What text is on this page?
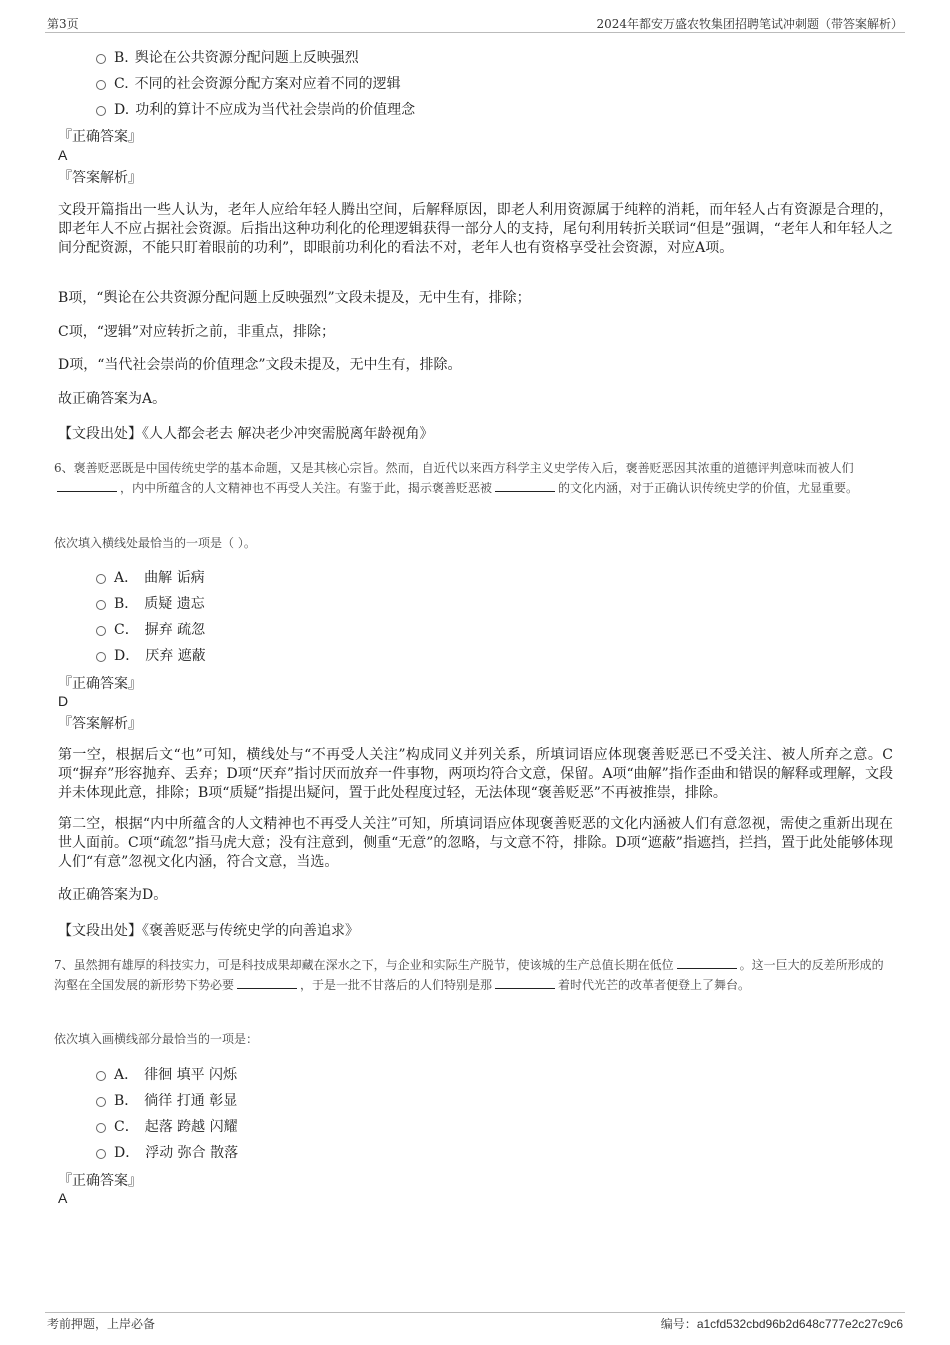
第3页	2024年都安万盛农牧集团招聘笔试冲刺题（带答案解析）
B. 舆论在公共资源分配问题上反映强烈
C. 不同的社会资源分配方案对应着不同的逻辑
D. 功利的算计不应成为当代社会崇尚的价值理念
『正确答案』
A
『答案解析』
文段开篇指出一些人认为，老年人应给年轻人腾出空间，后解释原因，即老人利用资源属于纯粹的消耗，而年轻人占有资源是合理的，即老年人不应占据社会资源。后指出这种功利化的伦理逻辑获得一部分人的支持，尾句利用转折关联词“但是”强调，“老年人和年轻人之间分配资源，不能只盯着眼前的功利”，即眼前功利化的看法不对，老年人也有资格享受社会资源，对应A项。
B项，“舆论在公共资源分配问题上反映强烈”文段未提及，无中生有，排除；
C项，“逻辑”对应转折之前，非重点，排除；
D项，“当代社会崇尚的价值理念”文段未提及，无中生有，排除。
故正确答案为A。
【文段出处】《人人都会老去 解决老少冲突需脱离年龄视角》
6、褒善贬恶既是中国传统史学的基本命题，又是其核心宗旨。然而，自近代以来西方科学主义史学传入后，褒善贬恶因其浓重的道德评判意味而被人们，内中所蕴含的人文精神也不再受人关注。有鉴于此，揭示褒善贬恶被	的文化内涵，对于正确认识传统史学的价值，尤显重要。
依次填入横线处最恰当的一项是（ ）。
A． 曲解 诟病
B． 质疑 遗忘
C． 摒弃 疏忽
D． 厌弃 遮蔽
『正确答案』
D
『答案解析』
第一空，根据后文“也”可知，横线处与“不再受人关注”构成同义并列关系，所填词语应体现褒善贬恶已不受关注、被人所弃之意。C项“摒弃”形容抛弃、丢弃；D项“厌弃”指讨厌而放弃一件事物，两项均符合文意，保留。A项“曲解”指作歪曲和错误的解释或理解，文段并未体现此意，排除；B项“质疑”指提出疑问，置于此处程度过轻，无法体现“褒善贬恶”不再被推崇，排除。
第二空，根据“内中所蕴含的人文精神也不再受人关注”可知，所填词语应体现褒善贬恶的文化内涵被人们有意忽视，需使之重新出现在世人面前。C项“疏忽”指马虎大意；没有注意到，侧重“无意”的忽略，与文意不符，排除。D项“遮蔽”指遮挡，拦挡，置于此处能够体现人们“有意”忽视文化内涵，符合文意，当选。
故正确答案为D。
【文段出处】《褒善贬恶与传统史学的向善追求》
7、虽然拥有雄厚的科技实力，可是科技成果却藏在深水之下，与企业和实际生产脱节，使该城的生产总值长期在低位	。这一巨大的反差所形成的沟壑在全国发展的新形势下势必要	，于是一批不甘落后的人们特别是那	着时代光芒的改革者便登上了舞台。
依次填入画横线部分最恰当的一项是：
A． 徘徊 填平 闪烁
B． 徜徉 打通 彰显
C． 起落 跨越 闪耀
D． 浮动 弥合 散落
『正确答案』
A
考前押题，上岸必备	编号：a1cfd532cbd96b2d648c777e2c27c9c6
